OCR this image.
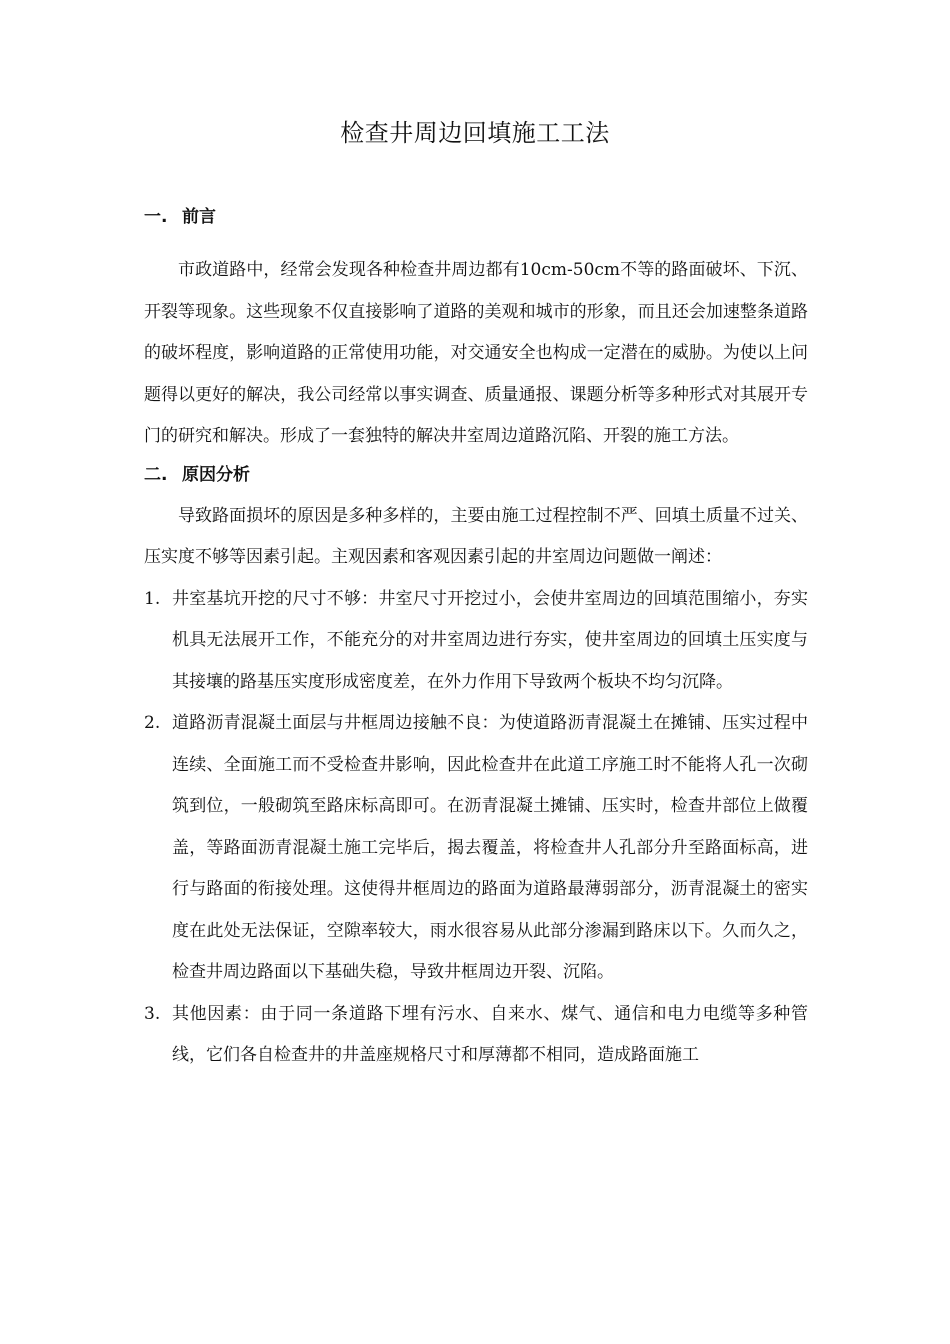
检查井周边回填施工工法
一. 前言

市政道路中，经常会发现各种检查井周边都有10cm-50cm不等的路面破坏、下沉、开裂等现象。这些现象不仅直接影响了道路的美观和城市的形象，而且还会加速整条道路的破坏程度，影响道路的正常使用功能，对交通安全也构成一定潜在的威胁。为使以上问题得以更好的解决，我公司经常以事实调查、质量通报、课题分析等多种形式对其展开专门的研究和解决。形成了一套独特的解决井室周边道路沉陷、开裂的施工方法。

二. 原因分析

导致路面损坏的原因是多种多样的，主要由施工过程控制不严、回填土质量不过关、压实度不够等因素引起。主观因素和客观因素引起的井室周边问题做一阐述：

1. 井室基坑开挖的尺寸不够：井室尺寸开挖过小，会使井室周边的回填范围缩小，夯实机具无法展开工作，不能充分的对井室周边进行夯实，使井室周边的回填土压实度与其接壤的路基压实度形成密度差，在外力作用下导致两个板块不均匀沉降。
2. 道路沥青混凝土面层与井框周边接触不良：为使道路沥青混凝土在摊铺、压实过程中连续、全面施工而不受检查井影响，因此检查井在此道工序施工时不能将人孔一次砌筑到位，一般砌筑至路床标高即可。在沥青混凝土摊铺、压实时，检查井部位上做覆盖，等路面沥青混凝土施工完毕后，揭去覆盖，将检查井人孔部分升至路面标高，进行与路面的衔接处理。这使得井框周边的路面为道路最薄弱部分，沥青混凝土的密实度在此处无法保证，空隙率较大，雨水很容易从此部分渗漏到路床以下。久而久之，检查井周边路面以下基础失稳，导致井框周边开裂、沉陷。
3. 其他因素：由于同一条道路下埋有污水、自来水、煤气、通信和电力电缆等多种管线，它们各自检查井的井盖座规格尺寸和厚薄都不相同，造成路面施工
